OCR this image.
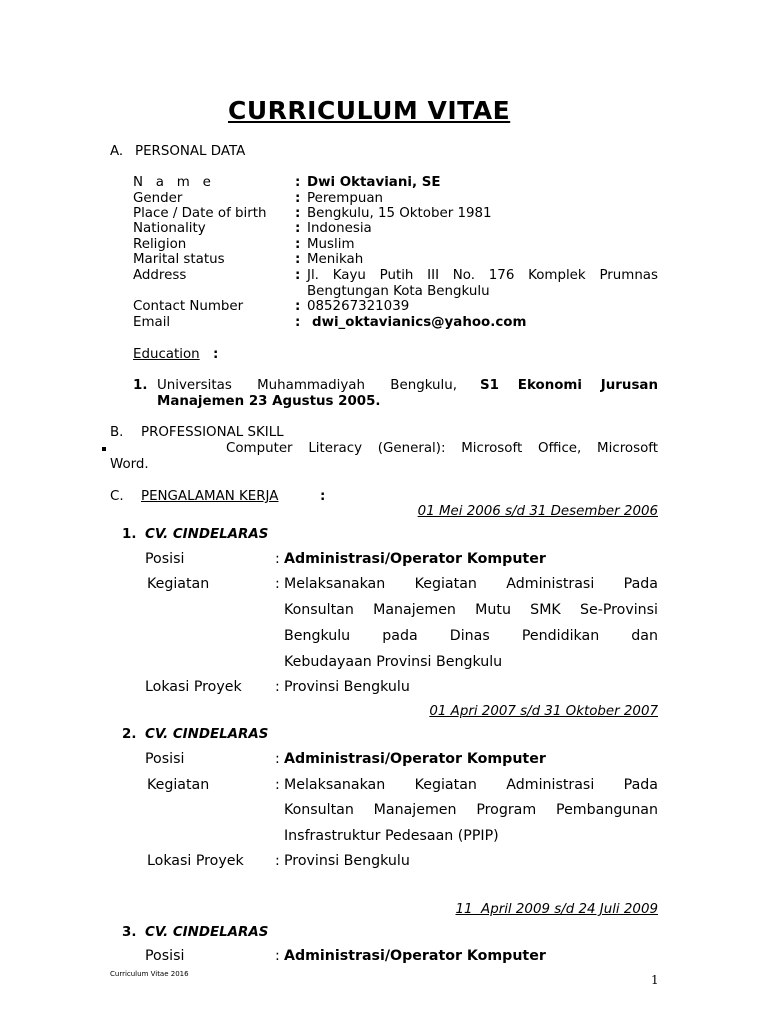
CURRICULUM VITAE
A. PERSONAL DATA
N   a   m   e	: Dwi Oktaviani, SE
Gender	: Perempuan
Place / Date of birth : Bengkulu, 15 Oktober 1981
Nationality	: Indonesia
Religion	: Muslim
Marital status	: Menikah
Address	: Jl. Kayu Putih III No. 176 Komplek Prumnas
Bengtungan Kota Bengkulu
Contact Number	: 085267321039
Email	: dwi_oktavianics@yahoo.com
Education :
1. Universitas Muhammadiyah Bengkulu, S1 Ekonomi Jurusan
Manajemen 23 Agustus 2005.
B. PROFESSIONAL SKILL
Computer Literacy (General): Microsoft Office, Microsoft
Word.
C. PENGALAMAN KERJA	:
01 Mei 2006 s/d 31 Desember 2006
1. CV. CINDELARAS
Posisi	: Administrasi/Operator Komputer
Kegiatan	: Melaksanakan Kegiatan Administrasi Pada
Konsultan Manajemen Mutu SMK Se-Provinsi
Bengkulu pada Dinas Pendidikan dan
Kebudayaan Provinsi Bengkulu
Lokasi Proyek : Provinsi Bengkulu
01 Apri 2007 s/d 31 Oktober 2007
2. CV. CINDELARAS
Posisi	: Administrasi/Operator Komputer
Kegiatan	: Melaksanakan Kegiatan Administrasi Pada
Konsultan Manajemen Program Pembangunan
Insfrastruktur Pedesaan (PPIP)
Lokasi Proyek : Provinsi Bengkulu
11  April 2009 s/d 24 Juli 2009
3. CV. CINDELARAS
Posisi	: Administrasi/Operator Komputer
Curriculum Vitae 2016	1
